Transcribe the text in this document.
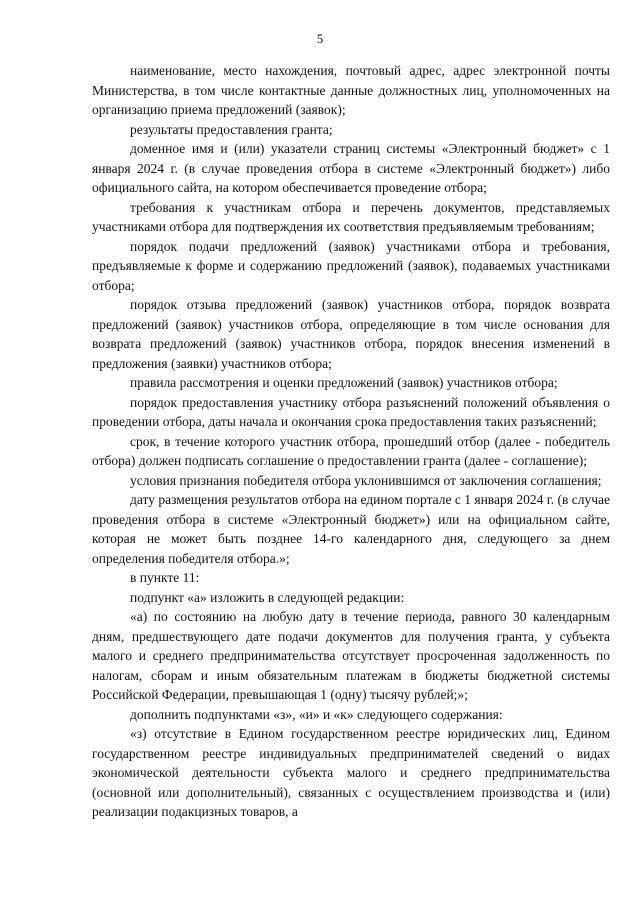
5

наименование, место нахождения, почтовый адрес, адрес электронной почты Министерства, в том числе контактные данные должностных лиц, уполномоченных на организацию приема предложений (заявок);

результаты предоставления гранта;

доменное имя и (или) указатели страниц системы «Электронный бюджет» с 1 января 2024 г. (в случае проведения отбора в системе «Электронный бюджет») либо официального сайта, на котором обеспечивается проведение отбора;

требования к участникам отбора и перечень документов, представляемых участниками отбора для подтверждения их соответствия предъявляемым требованиям;

порядок подачи предложений (заявок) участниками отбора и требования, предъявляемые к форме и содержанию предложений (заявок), подаваемых участниками отбора;

порядок отзыва предложений (заявок) участников отбора, порядок возврата предложений (заявок) участников отбора, определяющие в том числе основания для возврата предложений (заявок) участников отбора, порядок внесения изменений в предложения (заявки) участников отбора;

правила рассмотрения и оценки предложений (заявок) участников отбора;

порядок предоставления участнику отбора разъяснений положений объявления о проведении отбора, даты начала и окончания срока предоставления таких разъяснений;

срок, в течение которого участник отбора, прошедший отбор (далее - победитель отбора) должен подписать соглашение о предоставлении гранта (далее - соглашение);

условия признания победителя отбора уклонившимся от заключения соглашения;

дату размещения результатов отбора на едином портале с 1 января 2024 г. (в случае проведения отбора в системе «Электронный бюджет») или на официальном сайте, которая не может быть позднее 14-го календарного дня, следующего за днем определения победителя отбора.»;

в пункте 11:

подпункт «а» изложить в следующей редакции:

«а) по состоянию на любую дату в течение периода, равного 30 календарным дням, предшествующего дате подачи документов для получения гранта, у субъекта малого и среднего предпринимательства отсутствует просроченная задолженность по налогам, сборам и иным обязательным платежам в бюджеты бюджетной системы Российской Федерации, превышающая 1 (одну) тысячу рублей;»;

дополнить подпунктами «з», «и» и «к» следующего содержания:

«з) отсутствие в Едином государственном реестре юридических лиц, Едином государственном реестре индивидуальных предпринимателей сведений о видах экономической деятельности субъекта малого и среднего предпринимательства (основной или дополнительный), связанных с осуществлением производства и (или) реализации подакцизных товаров, а
